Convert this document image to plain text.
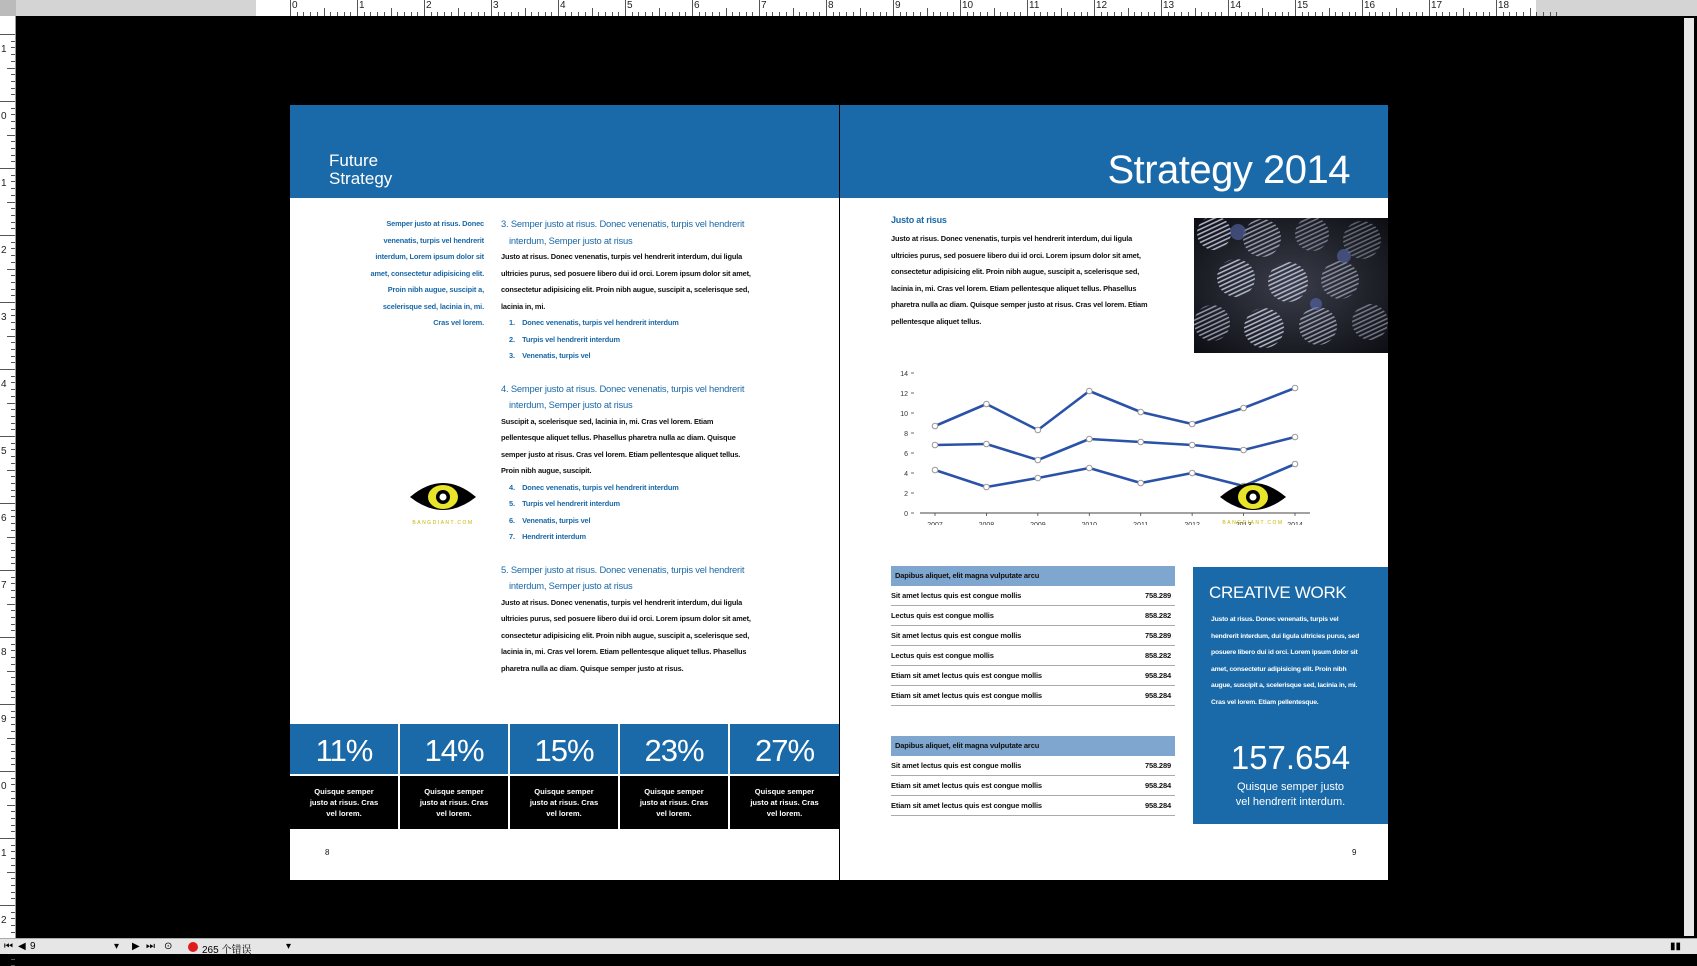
0	1	2	3	4	5	6	7	8	9	10	11	12	13	14	15	16	17	18
1
0
1
2
3
4
5
6
7
8
9
0
1
2
Future
Strategy
Semper justo at risus. Donec venenatis, turpis vel hendrerit interdum, Lorem ipsum dolor sit amet, consectetur adipisicing elit. Proin nibh augue, suscipit a, scelerisque sed, lacinia in, mi. Cras vel lorem.
BANGDIANT.COM
3. Semper justo at risus. Donec venenatis, turpis vel hendrerit interdum, Semper justo at risus
Justo at risus. Donec venenatis, turpis vel hendrerit interdum, dui ligula ultricies purus, sed posuere libero dui id orci. Lorem ipsum dolor sit amet, consectetur adipisicing elit. Proin nibh augue, suscipit a, scelerisque sed, lacinia in, mi.
1. Donec venenatis, turpis vel hendrerit interdum
2. Turpis vel hendrerit interdum
3. Venenatis, turpis vel
4. Semper justo at risus. Donec venenatis, turpis vel hendrerit interdum, Semper justo at risus
Suscipit a, scelerisque sed, lacinia in, mi. Cras vel lorem. Etiam pellentesque aliquet tellus. Phasellus pharetra nulla ac diam. Quisque semper justo at risus. Cras vel lorem. Etiam pellentesque aliquet tellus. Proin nibh augue, suscipit.
4. Donec venenatis, turpis vel hendrerit interdum
5. Turpis vel hendrerit interdum
6. Venenatis, turpis vel
7. Hendrerit interdum
5. Semper justo at risus. Donec venenatis, turpis vel hendrerit interdum, Semper justo at risus
Justo at risus. Donec venenatis, turpis vel hendrerit interdum, dui ligula ultricies purus, sed posuere libero dui id orci. Lorem ipsum dolor sit amet, consectetur adipisicing elit. Proin nibh augue, suscipit a, scelerisque sed, lacinia in, mi. Cras vel lorem. Etiam pellentesque aliquet tellus. Phasellus pharetra nulla ac diam. Quisque semper justo at risus.
11%
Quisque semper justo at risus. Cras vel lorem.
14%
Quisque semper justo at risus. Cras vel lorem.
15%
Quisque semper justo at risus. Cras vel lorem.
23%
Quisque semper justo at risus. Cras vel lorem.
27%
Quisque semper justo at risus. Cras vel lorem.
8
Strategy 2014
Justo at risus
Justo at risus. Donec venenatis, turpis vel hendrerit interdum, dui ligula ultricies purus, sed posuere libero dui id orci. Lorem ipsum dolor sit amet, consectetur adipisicing elit. Proin nibh augue, suscipit a, scelerisque sed, lacinia in, mi. Cras vel lorem. Etiam pellentesque aliquet tellus. Phasellus pharetra nulla ac diam. Quisque semper justo at risus. Cras vel lorem. Etiam pellentesque aliquet tellus.
0
2
4
6
8
10
12
14
BANGDIANT.COM
Dapibus aliquet, elit magna vulputate arcu
Sit amet lectus quis est congue mollis	758.289
Lectus quis est congue mollis	858.282
Sit amet lectus quis est congue mollis	758.289
Lectus quis est congue mollis	858.282
Etiam sit amet lectus quis est congue mollis	958.284
Etiam sit amet lectus quis est congue mollis	958.284
Dapibus aliquet, elit magna vulputate arcu
Sit amet lectus quis est congue mollis	758.289
Etiam sit amet lectus quis est congue mollis	958.284
Etiam sit amet lectus quis est congue mollis	958.284
CREATIVE WORK
Justo at risus. Donec venenatis, turpis vel hendrerit interdum, dui ligula ultricies purus, sed posuere libero dui id orci. Lorem ipsum dolor sit amet, consectetur adipisicing elit. Proin nibh augue, suscipit a, scelerisque sed, lacinia in, mi. Cras vel lorem. Etiam pellentesque.
157.654
Quisque semper justo
vel hendrerit interdum.
9
⏮ ◀ 9	▾ ▶ ⏭ ⊙	265 个错误	▾	▮▮
